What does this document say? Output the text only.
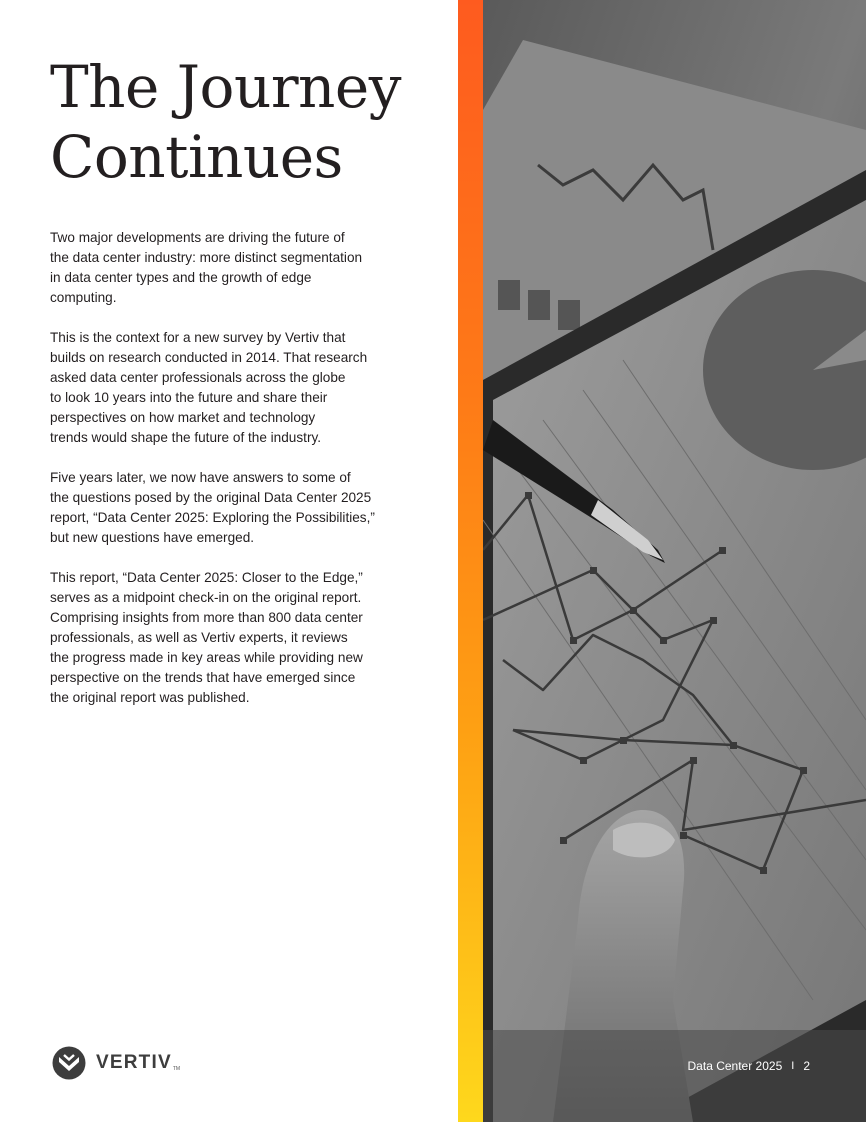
The Journey
Continues

Two major developments are driving the future of
the data center industry: more distinct segmentation
in data center types and the growth of edge
computing.

This is the context for a new survey by Vertiv that
builds on research conducted in 2014. That research
asked data center professionals across the globe
to look 10 years into the future and share their
perspectives on how market and technology
trends would shape the future of the industry.

Five years later, we now have answers to some of
the questions posed by the original Data Center 2025
report, “Data Center 2025: Exploring the Possibilities,”
but new questions have emerged.

This report, “Data Center 2025: Closer to the Edge,”
serves as a midpoint check-in on the original report.
Comprising insights from more than 800 data center
professionals, as well as Vertiv experts, it reviews
the progress made in key areas while providing new
perspective on the trends that have emerged since
the original report was published.

VERTIV TM	Data Center 2025 I 2
